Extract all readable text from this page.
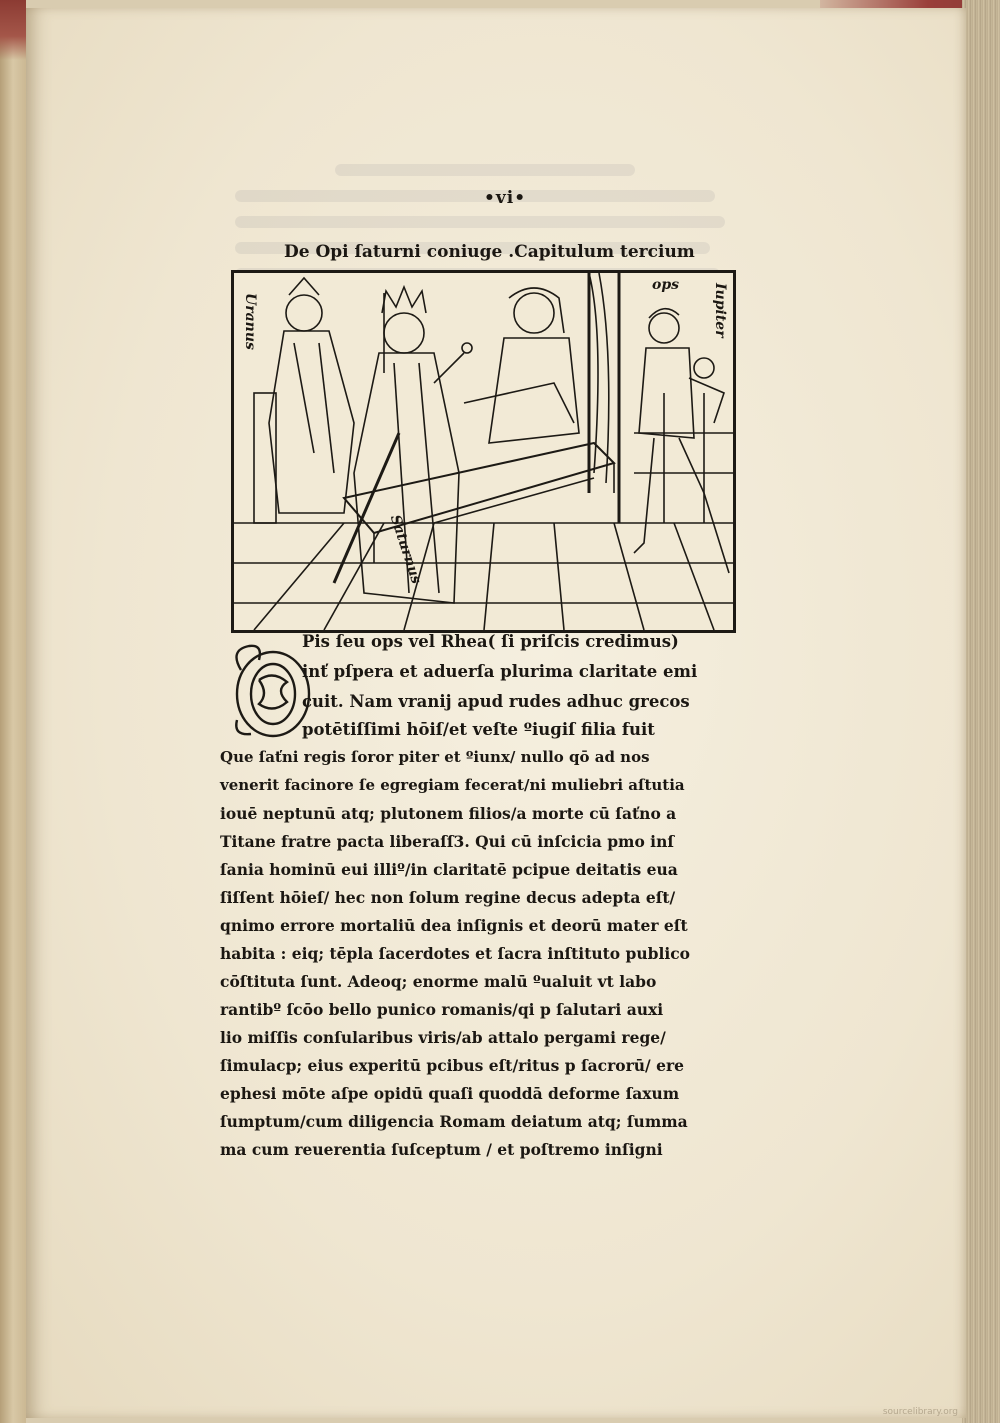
•vi•
De Opi ſaturni coniuge .Capitulum tercium
Uranus	Iupiter
ops
Saturnus
Pis ſeu ops vel Rhea( ſi priſcis credimus)
inť pſpera et aduerſa plurima claritate emi
cuit. Nam vranij apud rudes adhuc grecos
potētiſſimi hōiſ/et veſte ºiuɡiſ filia fuit
Que ſaťni regis ſoror piter et ºiunx/ nullo qō ad nos
venerit facinore ſe egregiam fecerat/ni muliebri aſtutia
iouē neptunū atq; plutonem filios/a morte cū ſaťno a
Titane fratre pacta liberaſſ3. Qui cū inſcicia pmo inſ
ſania hominū eui illiº/in claritatē pcipue deitatis eua
ſiſſent hōieſ/ hec non ſolum regine decus adepta eſt/
qnimo errore mortaliū dea inſignis et deorū mater eſt
habita : eiq; tēpla ſacerdotes et ſacra inſtituto publico
cōſtituta ſunt. Adeoq; enorme malū ºualuit vt labo
rantibº ſcōo bello punico romanis/qi p ſalutari auxi
lio miſſis conſularibus viris/ab attalo pergami rege/
ſimulacp; eius experitū pcibus eſt/ritus p ſacrorū/ ere
ephesi mōte aſpe opidū quaſi quoddā deforme ſaxum
ſumptum/cum diligencia Romam deiatum atq; ſumma
ma cum reuerentia ſuſceptum / et poſtremo inſigni
sourcelibrary.org
